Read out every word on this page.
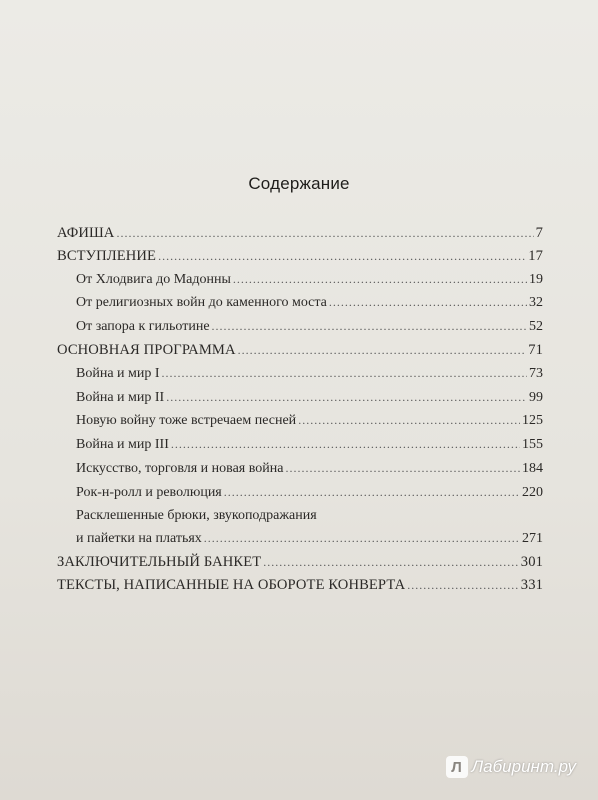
Содержание
АФИША .....	7
ВСТУПЛЕНИЕ .....	17
От Хлодвига до Мадонны .....	19
От религиозных войн до каменного моста .....	32
От запора к гильотине .....	52
ОСНОВНАЯ ПРОГРАММА .....	71
Война и мир I .....	73
Война и мир II .....	99
Новую войну тоже встречаем песней .....	125
Война и мир III .....	155
Искусство, торговля и новая война .....	184
Рок-н-ролл и революция .....	220
Расклешенные брюки, звукоподражания
и пайетки на платьях .....	271
ЗАКЛЮЧИТЕЛЬНЫЙ БАНКЕТ .....	301
ТЕКСТЫ, НАПИСАННЫЕ НА ОБОРОТЕ КОНВЕРТА .....	331
Л Лабиринт.ру
